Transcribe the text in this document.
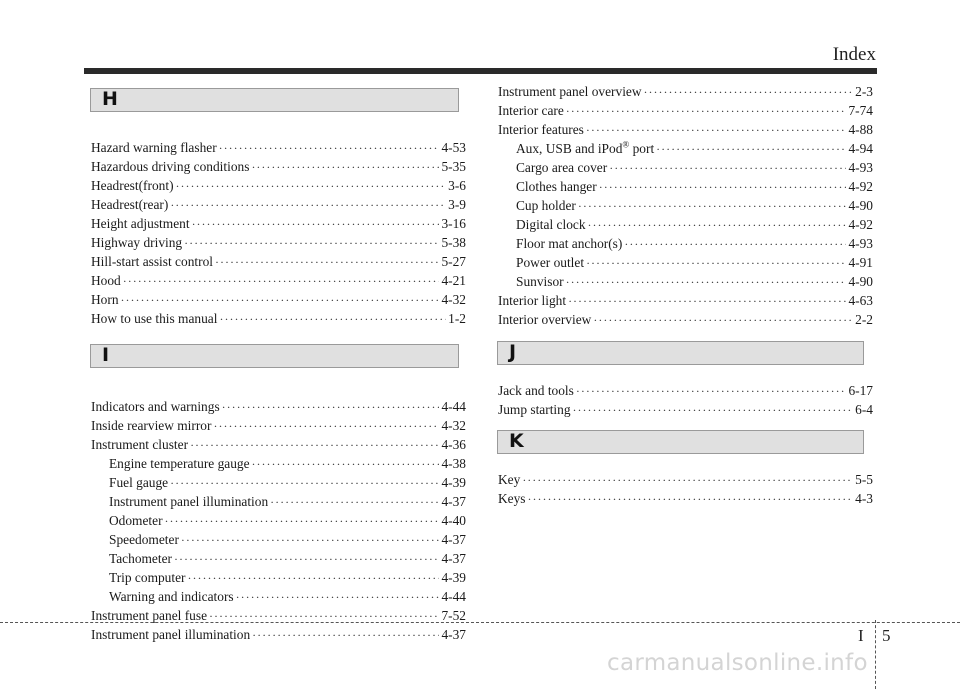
Index
H
Hazard warning flasher ·····	4-53
Hazardous driving conditions ·····	5-35
Headrest(front) ·····	3-6
Headrest(rear) ·····	3-9
Height adjustment ·····	3-16
Highway driving ·····	5-38
Hill-start assist control ·····	5-27
Hood ·····	4-21
Horn ·····	4-32
How to use this manual ·····	1-2
I
Indicators and warnings ·····	4-44
Inside rearview mirror ·····	4-32
Instrument cluster ·····	4-36
Engine temperature gauge ·····	4-38
Fuel gauge ·····	4-39
Instrument panel illumination ·····	4-37
Odometer ·····	4-40
Speedometer ·····	4-37
Tachometer ·····	4-37
Trip computer ·····	4-39
Warning and indicators ·····	4-44
Instrument panel fuse ·····	7-52
Instrument panel illumination ·····	4-37
Instrument panel overview ·····	2-3
Interior care ·····	7-74
Interior features ·····	4-88
Aux, USB and iPod® port ·····	4-94
Cargo area cover ·····	4-93
Clothes hanger ·····	4-92
Cup holder ·····	4-90
Digital clock ·····	4-92
Floor mat anchor(s) ·····	4-93
Power outlet ·····	4-91
Sunvisor ·····	4-90
Interior light ·····	4-63
Interior overview ·····	2-2
J
Jack and tools ·····	6-17
Jump starting ·····	6-4
K
Key ·····	5-5
Keys ·····	4-3
I 5
carmanualsonline.info
